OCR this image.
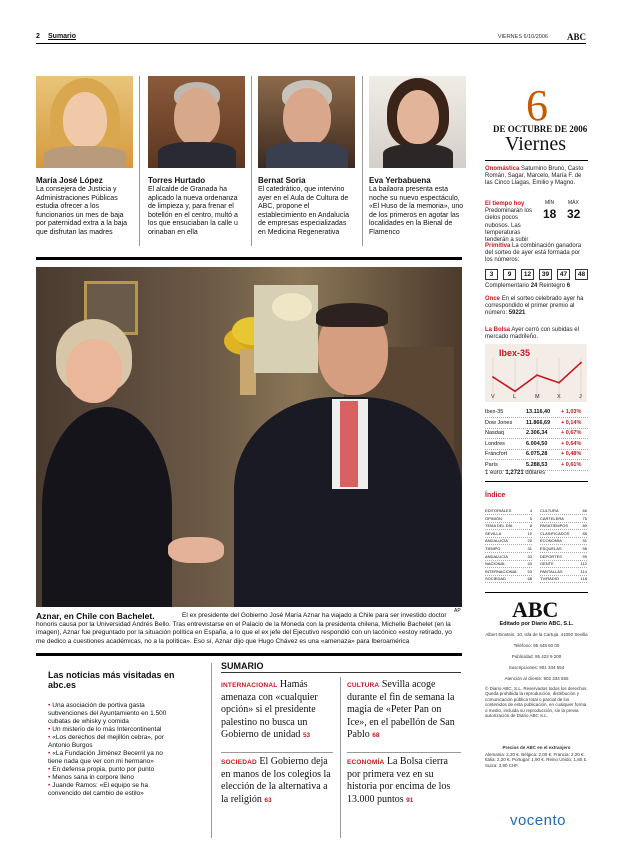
2 Sumario	VIERNES 6/10/2006 ABC
María José López
La consejera de Justicia y Administraciones Públicas estudia ofrecer a los funcionarios un mes de baja por paternidad extra a la baja que disfrutan las madres
Torres Hurtado
El alcalde de Granada ha aplicado la nueva ordenanza de limpieza y, para frenar el botellón en el centro, multó a los que ensuciaban la calle u orinaban en ella
Bernat Soria
El catedrático, que intervino ayer en el Aula de Cultura de ABC, propone el establecimiento en Andalucía de empresas especializadas en Medicina Regenerativa
Eva Yerbabuena
La bailaora presenta esta noche su nuevo espectáculo, «El Huso de la memoria», uno de los primeros en agotar las localidades en la Bienal de Flamenco
6
DE OCTUBRE DE 2006
Viernes
Onomástica Saturnino Bruno, Casto Román, Sagar, Marcelo, María F. de las Cinco Llagas, Emilio y Magno.
El tiempo hoy
Predominarán los cielos pocos nubosos. Las temperaturas tenderán a subir
MÍN	MÁX
18 32
Primitiva La combinación ganadora del sorteo de ayer está formada por los números:
3	9	12	39	47	48
Complementario 24 Reintegro 6
Once En el sorteo celebrado ayer ha correspondido el primer premio al número: 59221
La Bolsa Ayer cerró con subidas el mercado madrileño.
Ibex-35
V	L	M	X	J
Ibex-35	13.116,40 + 1,03%
Dow Jones	11.866,69 + 0,14%
Nasdaq	2.306,34 + 0,67%
Londres	6.004,50 + 0,64%
Fráncfort	6.075,28 + 0,48%
París	5.288,53 + 0,61%
1 euro: 1,2721 dólares
Índice
EDITORIALES	4
OPINIÓN	5
TEMA DEL DÍA	8
SEVILLA	10
ANDALUCÍA	20
TIEMPO	31
ANDALUCÍA	33
NACIONAL	43
INTERNACIONAL	53
SOCIEDAD	58
CULTURA	66
CARTELERA	75
PASATIEMPOS	80
CLASIFICADOS	85
ECONOMÍA	91
ESQUELAS	96
DEPORTES	99
GENTE	112
PANTALLAS	114
TV/RADIO	118
ABC
Editado por Diario ABC, S.L.
Albert Einstein, 10, Isla de la Cartuja. 41092 Sevilla
Teléfono: 95 448 60 00
Publicidad: 95 422 9 200
Suscripciones: 901 334 554
Atención al cliente: 902 334 555
© Diario ABC, S.L. Reservados todos los derechos. Queda prohibida la reproducción, distribución y comunicación pública total o parcial de los contenidos de esta publicación, en cualquier forma o medio, incluida su reproducción, sin la previa autorización de Diario ABC S.L.
Precios de ABC en el extranjero
Alemania: 2,20 €. Bélgica: 2,00 €. Francia: 2,20 €. Italia: 2,20 €. Portugal: 1,90 €. Reino Unido: 1,80 £. Suiza: 3,90 CHF.
vocento
AP
El ex presidente del Gobierno José María Aznar ha viajado a Chile para ser investido doctor honoris causa por la Universidad Andrés Bello. Tras entrevistarse en el Palacio de la Moneda con la presidenta chilena, Michelle Bachelet (en la imagen), Aznar fue preguntado por la situación política en España, a lo que el ex jefe del Ejecutivo respondió con un lacónico «estoy retirado, yo me dedico a cuestiones académicas, no a la política». Eso sí, Aznar dijo que Hugo Chávez es una «amenaza» para Iberoamérica
Aznar, en Chile con Bachelet.
Las noticias más visitadas en abc.es
• Una asociación de portiva gasta subvenciones del Ayuntamiento en 1.500 cubatas de whisky y comida
• Un misterio de lo más Intercontinental
• «Los derechos del mejillón cebra», por Antonio Burgos
• «La Fundación Jiménez Becerril ya no tiene nada que ver con mi hermano»
• En defensa propia, punto por punto
• Menos sana in corpore lleno
• Juande Ramos: «El equipo se ha convencido del cambio de estilo»
SUMARIO
INTERNACIONAL Hamás amenaza con «cualquier opción» si el presidente palestino no busca un Gobierno de unidad 53
SOCIEDAD El Gobierno deja en manos de los colegios la elección de la alternativa a la religión 63
CULTURA Sevilla acoge durante el fin de semana la magia de «Peter Pan on Ice», en el pabellón de San Pablo 68
ECONOMÍA La Bolsa cierra por primera vez en su historia por encima de los 13.000 puntos 91
